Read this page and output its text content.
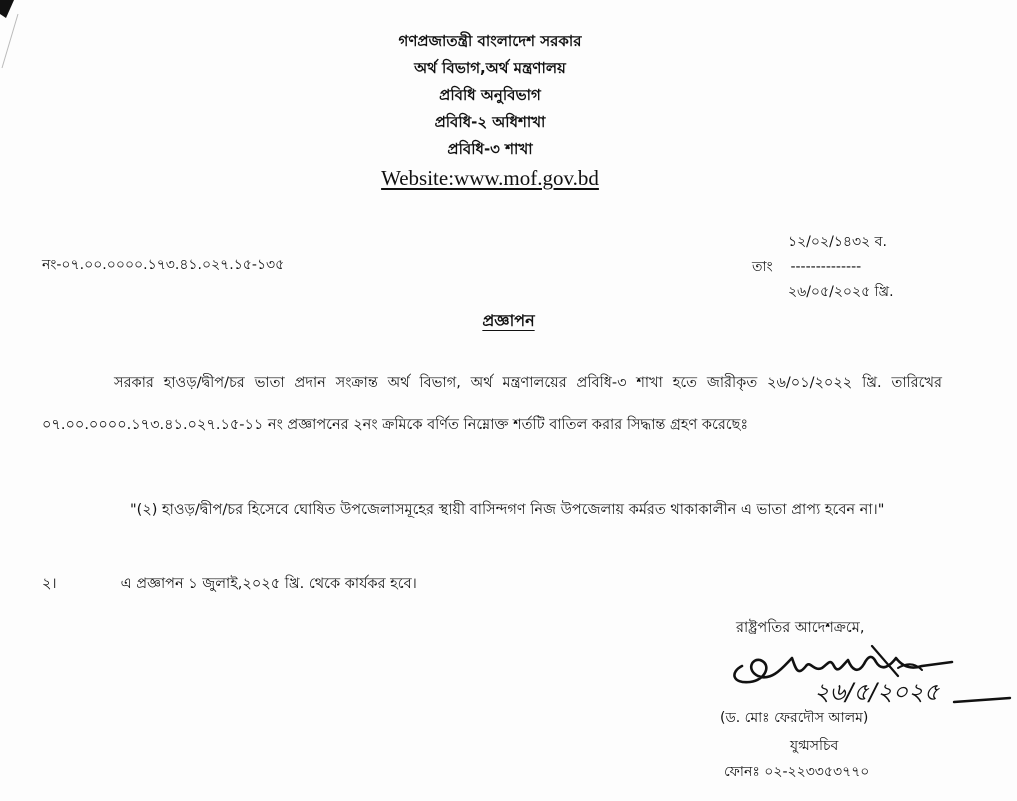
গণপ্রজাতন্ত্রী বাংলাদেশ সরকার
অর্থ বিভাগ,অর্থ মন্ত্রণালয়
প্রবিধি অনুবিভাগ
প্রবিধি-২ অধিশাখা
প্রবিধি-৩ শাখা
Website:www.mof.gov.bd
নং-০৭.০০.০০০০.১৭৩.৪১.০২৭.১৫-১৩৫
১২/০২/১৪৩২ ব.
তাং --------------
২৬/০৫/২০২৫ খ্রি.
প্রজ্ঞাপন
সরকার হাওড়/দ্বীপ/চর ভাতা প্রদান সংক্রান্ত অর্থ বিভাগ, অর্থ মন্ত্রণালয়ের প্রবিধি-৩ শাখা হতে জারীকৃত ২৬/০১/২০২২ খ্রি. তারিখের ০৭.০০.০০০০.১৭৩.৪১.০২৭.১৫-১১ নং প্রজ্ঞাপনের ২নং ক্রমিকে বর্ণিত নিম্নোক্ত শর্তটি বাতিল করার সিদ্ধান্ত গ্রহণ করেছেঃ
"(২) হাওড়/দ্বীপ/চর হিসেবে ঘোষিত উপজেলাসমূহের স্থায়ী বাসিন্দগণ নিজ উপজেলায় কর্মরত থাকাকালীন এ ভাতা প্রাপ্য হবেন না।"
২।	এ প্রজ্ঞাপন ১ জুলাই,২০২৫ খ্রি. থেকে কার্যকর হবে।
রাষ্ট্রপতির আদেশক্রমে,
২৬/৫/২০২৫
(ড. মোঃ ফেরদৌস আলম)
যুগ্মসচিব
ফোনঃ ০২-২২৩৩৫৩৭৭০
